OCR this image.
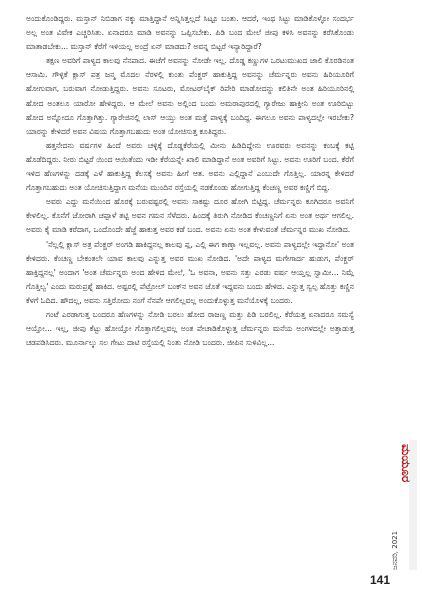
ಅಂದುಕೊಂಡಿದ್ದರು. ಮಸ್ತಾನ್ ನಿಬಿಡಾಗ ನಕ್ಕು ಮಾತ್ತಿದ್ದಾನೆ ಅನ್ನಿಸಿತ್ತಲ್ಲದೆ ಸಿಟ್ಟೂ ಬಂತು. ಆದರೆ, ಇಂಥ ಸಿಟ್ಟು ಮಾಡಿಕೊಳ್ಳೋ ಸಂದರ್ಭ ಅಲ್ಲ ಅಂತ ವಿವೇಕ ಎಚ್ಚರಿಸಿತು. ಏನಾದರೂ ಮಾಡಿ ಅವನನ್ನು ಒಪ್ಪಿಸಬೇಕು. ಪಿಡಿ ಬಂದ ಮೇಲೆ ಜೀಪು ಕಳಿಸಿ ಅವನನ್ನು ಕರೆಸಿಕೊಂಡು ಮಾತಾಡಬೇಕು... ಮಸ್ತಾನ್ ಕೆರೆಗೆ ಇಳಿಯಲ್ಲ ಅಂದ್ರೆ ಏನ್ ಮಾಡದು? ಅವನ್ನ ಬಿಟ್ಟರೆ ಇನ್ಯಾರಿದ್ದಾರೆ?

ತಕ್ಷಣ ಅವರಿಗೆ ಪಾಳ್ಯದ ಕಾಲವು ನೆನಪಾದ. ಈಚೆಗೆ ಅವನನ್ನು ನೋಡೇ ಇಲ್ಲ. ದೊಡ್ಡ ಕಣ್ಣುಗಳ ಒರಟುಮುಖದ ಜಾಲಿ ಕೊರಡಿನಂತ ಆಸಾಮಿ. ಗೌಳ್ಳಿಕೆ ಕ್ಲಾಸ್ ಪತ್ರ ಜನ್ಮ ಮೊದಲ ನೆರಳಲ್ಲಿ ಕುಂತು ಪೆಂಕ್ಚರ್ ಹಾಕುತ್ತಿದ್ದ ಅವನನ್ನು ಚೆರ್ಮನ್ನರು ಅವನು ಹಿರಿಯೂರಿಗೆ ಹೋಗುವಾಗ, ಬರುವಾಗ ನೋಡುತ್ತಿದ್ದರು. ಅವನು ಸೂಟರು, ಮೋಟರ್‌ಬೈಕ್ ರಿಪೇರಿ ಮಾಡೋದನ್ನು ಕಲಿತಿನೇ ಅಂತ ಹಿರಿಯೂರಿನಲ್ಲಿ ಹೋದ ಅಂತಲೂ ಯಾರೋ ಹೇಳಿದ್ದರು. ಆ ಮೇಲೆ ಅವನು ಅಲ್ಲಿಂದ ಬಂದು ಅಮರಾಪುರದಲ್ಲಿ ಗ್ಯಾರೇಜು ಹಾಕ್ತೀನಿ ಅಂತ ಊರಿಬಿಟ್ಟು ಹೋದ ಅನ್ನೋದೂ ಗೊತ್ತಾಗಿತ್ತು. ಗ್ಯಾರೇಜಿನಲ್ಲಿ ಲಾಸ್ ಆಯ್ತು ಅಂತ ಮತ್ತೆ ಪಾಳ್ಯಕ್ಕೆ ಬಂದಿದ್ದ. ಈಗಲೂ ಅವನು ಪಾಳ್ಯದಲ್ಲೇ ಇರಬೇಕು? ಯಾರನ್ನು ಕೇಳಿದರೆ ಅವನ ವಿಷಯ ಗೊತ್ತಾಗಬಹುದು ಅಂತ ಯೋಚಿಸುತ್ತ ಕೂತಿದ್ದರು.

ಹತ್ತನೇದನು ವರ್ಷಗಳ ಹಿಂದೆ ಅವರು ಚಳ್ಳಿಕ್ಕೆ ದೊಡ್ಡಕೆರೆಯಲ್ಲಿ ಮೀನು ಹಿಡಿದಿದ್ದೇನು ಊರವರು ಅವನನ್ನು ಕಂಬಕ್ಕೆ ಕಟ್ಟಿ ಹೊಡೆದಿದ್ದರು. ನೀರು ಬಿಟ್ಟರೆ ಯಿಂದ ಆಯಿತೆಂದು ಇಡೀ ಕೆರೆಯನ್ನೇ ಖಾಲಿ ಮಾಡಿದ್ದಾನೆ ಅಂತ ಅವರಿಗೆ ಸಿಟ್ಟು. ಅವನು ಊರಿಗೆ ಬಂದ. ಕೆರೆಗೆ ಇಳಿದ ಹೆಣಗಳನ್ನು ದಡಕ್ಕೆ ಎಳೆ ಹಾಕುತ್ತಿದ್ದ ಕೆಲಸಕ್ಕೆ ಅವನು ಹೀಗೆ ಆತ. ಅವನು ಎಲ್ಲಿದ್ದಾನೆ ಎಂಬುದೇ ಗೊತ್ತಿಲ್ಲ. ಯಾರನ್ನ ಕೇಳಿದರೆ ಗೊತ್ತಾಗಬಹುದು ಅಂತ ಯೋಚಿಸುತ್ತಿದ್ದಾಗ ಮನೆಯ ಮುಂದಿನ ರಸ್ತೆಯಲ್ಲಿ ನಡಕೊಂಡು ಹೋಗುತ್ತಿದ್ದ ಕೆಂಚಣ್ಣ ಅವರ ಕಣ್ಣಿಗೆ ಬಿದ್ದ.

ಅವರು ಎದ್ದು ಮನೆಯಿಂದ ಹೊರಕ್ಕೆ ಬರುವಷ್ಟರಲ್ಲಿ ಅವನು ಸಾಕಷ್ಟು ದೂರ ಹೋಗಿ ಬಿಟ್ಟಿದ್ದ. ಚೆರ್ಮನ್ನರು ಕೂಗಿದರೂ ಅವನಿಗೆ ಕೇಳಲಿಲ್ಲ. ಕೊನೆಗೆ ಜೋರಾಗಿ ಚಪ್ಪಾಳೆ ತಟ್ಟಿ ಅವನ ಗಮನ ಸೆಳೆದರು. ಹಿಂದಕ್ಕೆ ತಿರುಗಿ ನೋಡಿದ ಕೆಂಚಣ್ಣನಿಗೆ ಏನು ಅಂತ ಅರ್ಥ ಆಗಲಿಲ್ಲ. ಅವರು ಕೈ ಮಾಡಿ ಕರೆದಾಗ, ಒಂದೊಂದೇ ಹೆಜ್ಜೆ ಹಾಕುತ್ತ ಅವರ ಕಡೆ ಬಂದ. ಅವನು ಏನು ಅಂತ ಕೇಳುವಂತೆ ಚೆರ್ಮನ್ನರ ಮುಖ ನೋಡಿದ.

'ನೆಲ್ಲಲ್ಲಿ ಕ್ಲಾಸ್ ಅತ್ರ ಪೆಂಕ್ಚರ್ ಅಂಗಡಿ ಹಾಕಿದ್ದನಲ್ಲ ಕಾಲವು ಪ್ಲ, ಎಲ್ಲಿ ಈಗ ಕಾಣ್ತಾ ಇಲ್ಲವಲ್ಲ. ಅವನು ಪಾಳ್ಯದಲ್ಲೇ ಇದ್ದಾನೋ' ಅಂತ ಕೇಳಿದರು. ಕೆಂಚಣ್ಣ ಬೇಕಂತಲೇ ಯಾವ ಕಾಲವು ಎನ್ನುತ್ತ ಅವರ ಮುಖ ನೋಡಿದ. 'ಅದೇ ಪಾಳ್ಯದ ಮಗೇಗಾರ್ದ ಹುಡುಗ, ಪೆಂಕ್ಚರ್ ಹಾಕ್ತಿದ್ದನಲ್ಲ' ಅಂದಾಗ 'ಅಂತ ಚೆರ್ಮನ್ನರು ಅಂದ ಹೇಳಿದ ಮೇಲೆ, 'ಓ ಅವನಾ, ಅವನು ಸತ್ತು ಎರಡು ವರ್ಷ ಆಯ್ತಲ್ಲ ಸ್ವಾಮೀ... ನಿಮ್ಗೆ ಗೊತ್ತಿಲ್ವ' ಎಂದು ಮರುಪ್ರಶ್ನೆ ಹಾಕಿದ. ಅಷ್ಟರಲ್ಲಿ ಪೆಟ್ರೋಲ್ ಬಂಕ್‌ನ ಅವನ ಜೊತೆ ಇದ್ದವನು ಬಂದು ಹೇಳಿದ. ಎನ್ನುತ್ತ ಸ್ವಲ್ಪ ಹೊತ್ತು ಕಣ್ಣಿನ ಕೆಳಗೆ ಓದಿದ. ಹೌದಲ್ಲ, ಅವನು ಸತ್ತಿರೋದು ನಂಗೆ ನೆನಪೇ ಆಗಲಿಲ್ಲವಲ್ಲ ಅಂದುಕೊಳ್ಳುತ್ತ ಮನೆಯೊಳಕ್ಕೆ ಬಂದರು.

ಗಂಟೆ ಎರಡಾಗುತ್ತ ಬಂದರೂ ಹೆಣಗಳನ್ನು ನೋಡಿ ಬರಲು ಹೋದ ರಾಜಣ್ಣ ಮತ್ತು ಪಿಡಿ ಬರಲಿಲ್ಲ. ಕೆರೆಯತ್ತ ಏನಾದರೂ ಸಮಸ್ಯೆ ಆಯ್ತೋ... ಇಲ್ಲ, ಜೀಪು ಕೆಟ್ಟು ಹೋಯ್ತೋ ಗೊತ್ತಾಗಲಿಲ್ಲವಲ್ಲ ಅಂತ ಪೇಚಾಡಿಕೊಳ್ಳುತ್ತ ಚೆರ್ಮನ್ನರು ಮನೆಯ ಅಂಗಳದಲ್ಲೇ ಅತ್ತಾಡುತ್ತ ಚಡಪಡಿಸಿದರು. ಮೂರ್ನಾಲ್ಕು ಸಲ ಗೇಟು ದಾಟಿ ರಸ್ತೆಯಲ್ಲಿ ನಿಂತು ನೋಡಿ ಬಂದರು. ಜೀಪಿನ ಸುಳಿವಿಲ್ಲ...

ಮಯೂರ
ಜನವರಿ, 2021
141
